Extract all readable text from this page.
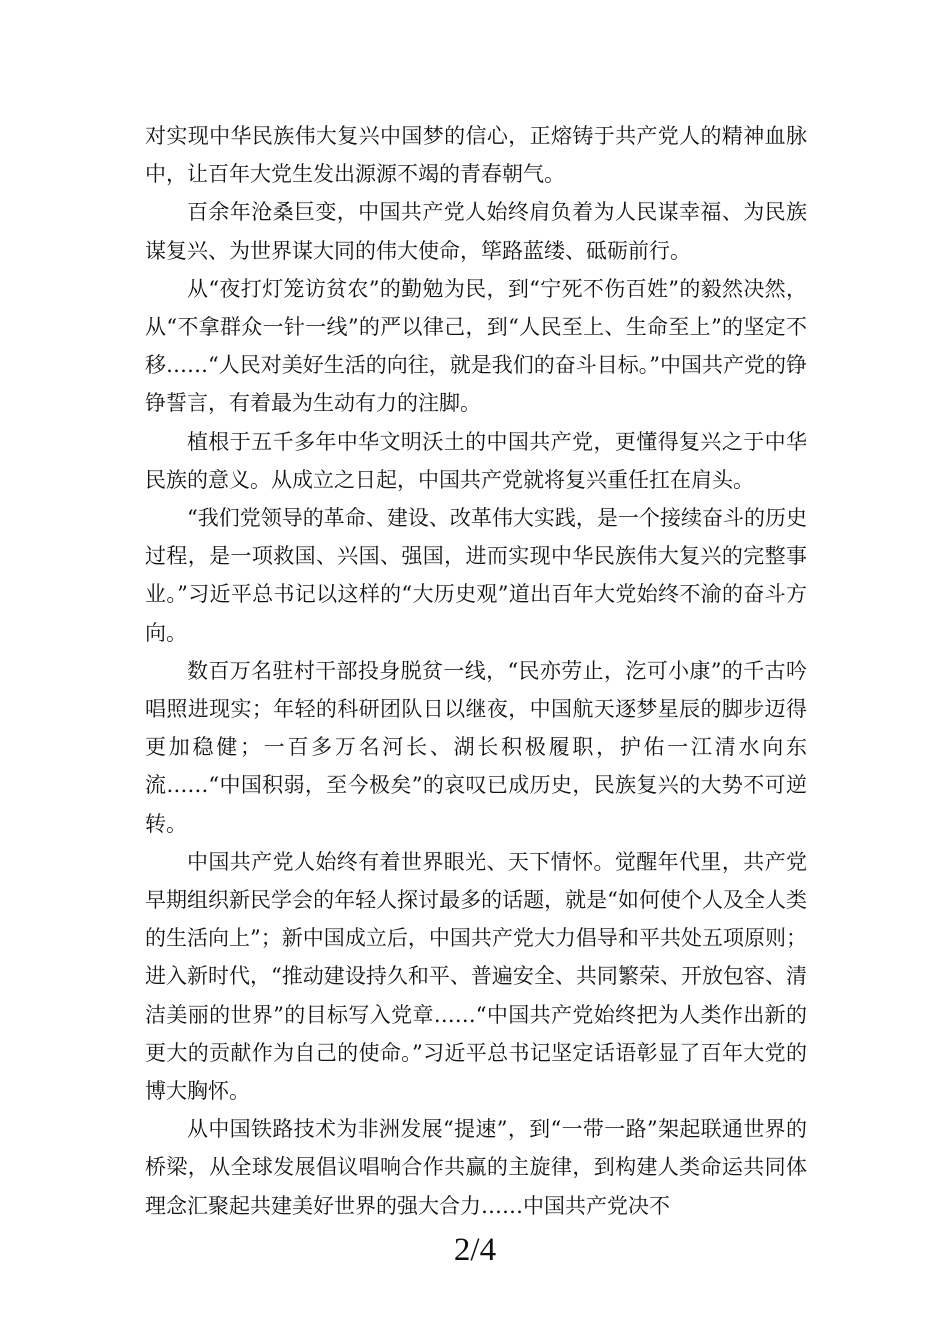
对实现中华民族伟大复兴中国梦的信心，正熔铸于共产党人的精神血脉中，让百年大党生发出源源不竭的青春朝气。

百余年沧桑巨变，中国共产党人始终肩负着为人民谋幸福、为民族谋复兴、为世界谋大同的伟大使命，筚路蓝缕、砥砺前行。

从“夜打灯笼访贫农”的勤勉为民，到“宁死不伤百姓”的毅然决然，从“不拿群众一针一线”的严以律己，到“人民至上、生命至上”的坚定不移……“人民对美好生活的向往，就是我们的奋斗目标。”中国共产党的铮铮誓言，有着最为生动有力的注脚。

植根于五千多年中华文明沃土的中国共产党，更懂得复兴之于中华民族的意义。从成立之日起，中国共产党就将复兴重任扛在肩头。

“我们党领导的革命、建设、改革伟大实践，是一个接续奋斗的历史过程，是一项救国、兴国、强国，进而实现中华民族伟大复兴的完整事业。”习近平总书记以这样的“大历史观”道出百年大党始终不渝的奋斗方向。

数百万名驻村干部投身脱贫一线，“民亦劳止，汔可小康”的千古吟唱照进现实；年轻的科研团队日以继夜，中国航天逐梦星辰的脚步迈得更加稳健；一百多万名河长、湖长积极履职，护佑一江清水向东流……“中国积弱，至今极矣”的哀叹已成历史，民族复兴的大势不可逆转。

中国共产党人始终有着世界眼光、天下情怀。觉醒年代里，共产党早期组织新民学会的年轻人探讨最多的话题，就是“如何使个人及全人类的生活向上”；新中国成立后，中国共产党大力倡导和平共处五项原则；进入新时代，“推动建设持久和平、普遍安全、共同繁荣、开放包容、清洁美丽的世界”的目标写入党章……“中国共产党始终把为人类作出新的更大的贡献作为自己的使命。”习近平总书记坚定话语彰显了百年大党的博大胸怀。

从中国铁路技术为非洲发展“提速”，到“一带一路”架起联通世界的桥梁，从全球发展倡议唱响合作共赢的主旋律，到构建人类命运共同体理念汇聚起共建美好世界的强大合力……中国共产党决不

2/4
